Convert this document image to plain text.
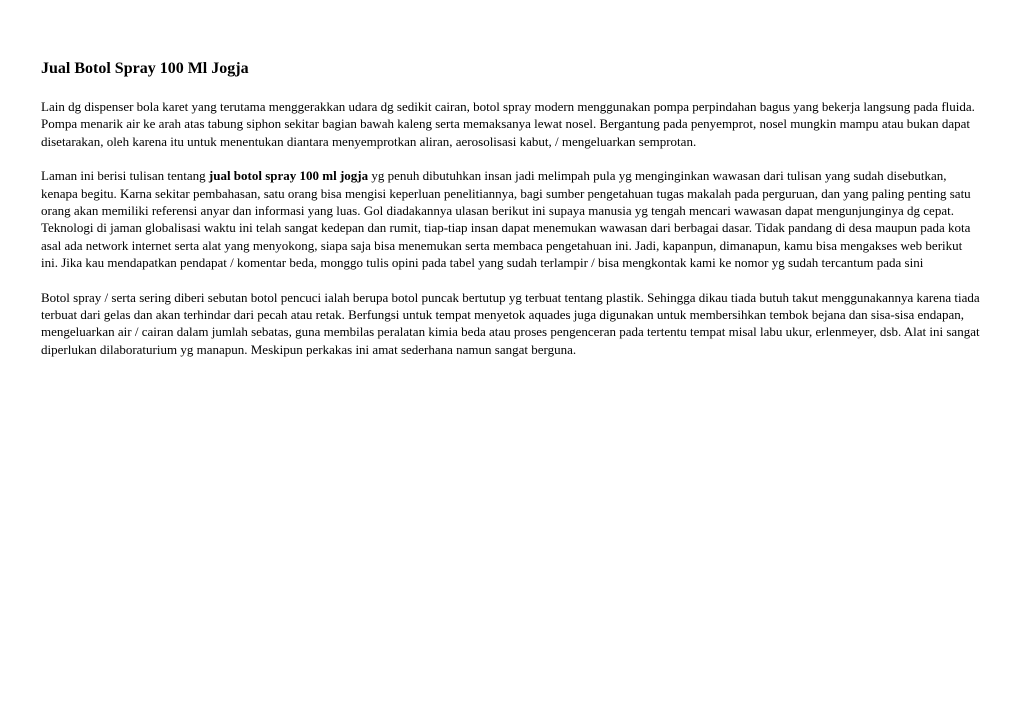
Jual Botol Spray 100 Ml Jogja

Lain dg dispenser bola karet yang terutama menggerakkan udara dg sedikit cairan, botol spray modern menggunakan pompa perpindahan bagus yang bekerja langsung pada fluida. Pompa menarik air ke arah atas tabung siphon sekitar bagian bawah kaleng serta memaksanya lewat nosel. Bergantung pada penyemprot, nosel mungkin mampu atau bukan dapat disetarakan, oleh karena itu untuk menentukan diantara menyemprotkan aliran, aerosolisasi kabut, / mengeluarkan semprotan.

Laman ini berisi tulisan tentang jual botol spray 100 ml jogja yg penuh dibutuhkan insan jadi melimpah pula yg menginginkan wawasan dari tulisan yang sudah disebutkan, kenapa begitu. Karna sekitar pembahasan, satu orang bisa mengisi keperluan penelitiannya, bagi sumber pengetahuan tugas makalah pada perguruan, dan yang paling penting satu orang akan memiliki referensi anyar dan informasi yang luas. Gol diadakannya ulasan berikut ini supaya manusia yg tengah mencari wawasan dapat mengunjunginya dg cepat. Teknologi di jaman globalisasi waktu ini telah sangat kedepan dan rumit, tiap-tiap insan dapat menemukan wawasan dari berbagai dasar. Tidak pandang di desa maupun pada kota asal ada network internet serta alat yang menyokong, siapa saja bisa menemukan serta membaca pengetahuan ini. Jadi, kapanpun, dimanapun, kamu bisa mengakses web berikut ini. Jika kau mendapatkan pendapat / komentar beda, monggo tulis opini pada tabel yang sudah terlampir / bisa mengkontak kami ke nomor yg sudah tercantum pada sini

Botol spray / serta sering diberi sebutan botol pencuci ialah berupa botol puncak bertutup yg terbuat tentang plastik. Sehingga dikau tiada butuh takut menggunakannya karena tiada terbuat dari gelas dan akan terhindar dari pecah atau retak. Berfungsi untuk tempat menyetok aquades juga digunakan untuk membersihkan tembok bejana dan sisa-sisa endapan, mengeluarkan air / cairan dalam jumlah sebatas, guna membilas peralatan kimia beda atau proses pengenceran pada tertentu tempat misal labu ukur, erlenmeyer, dsb. Alat ini sangat diperlukan dilaboraturium yg manapun. Meskipun perkakas ini amat sederhana namun sangat berguna.
